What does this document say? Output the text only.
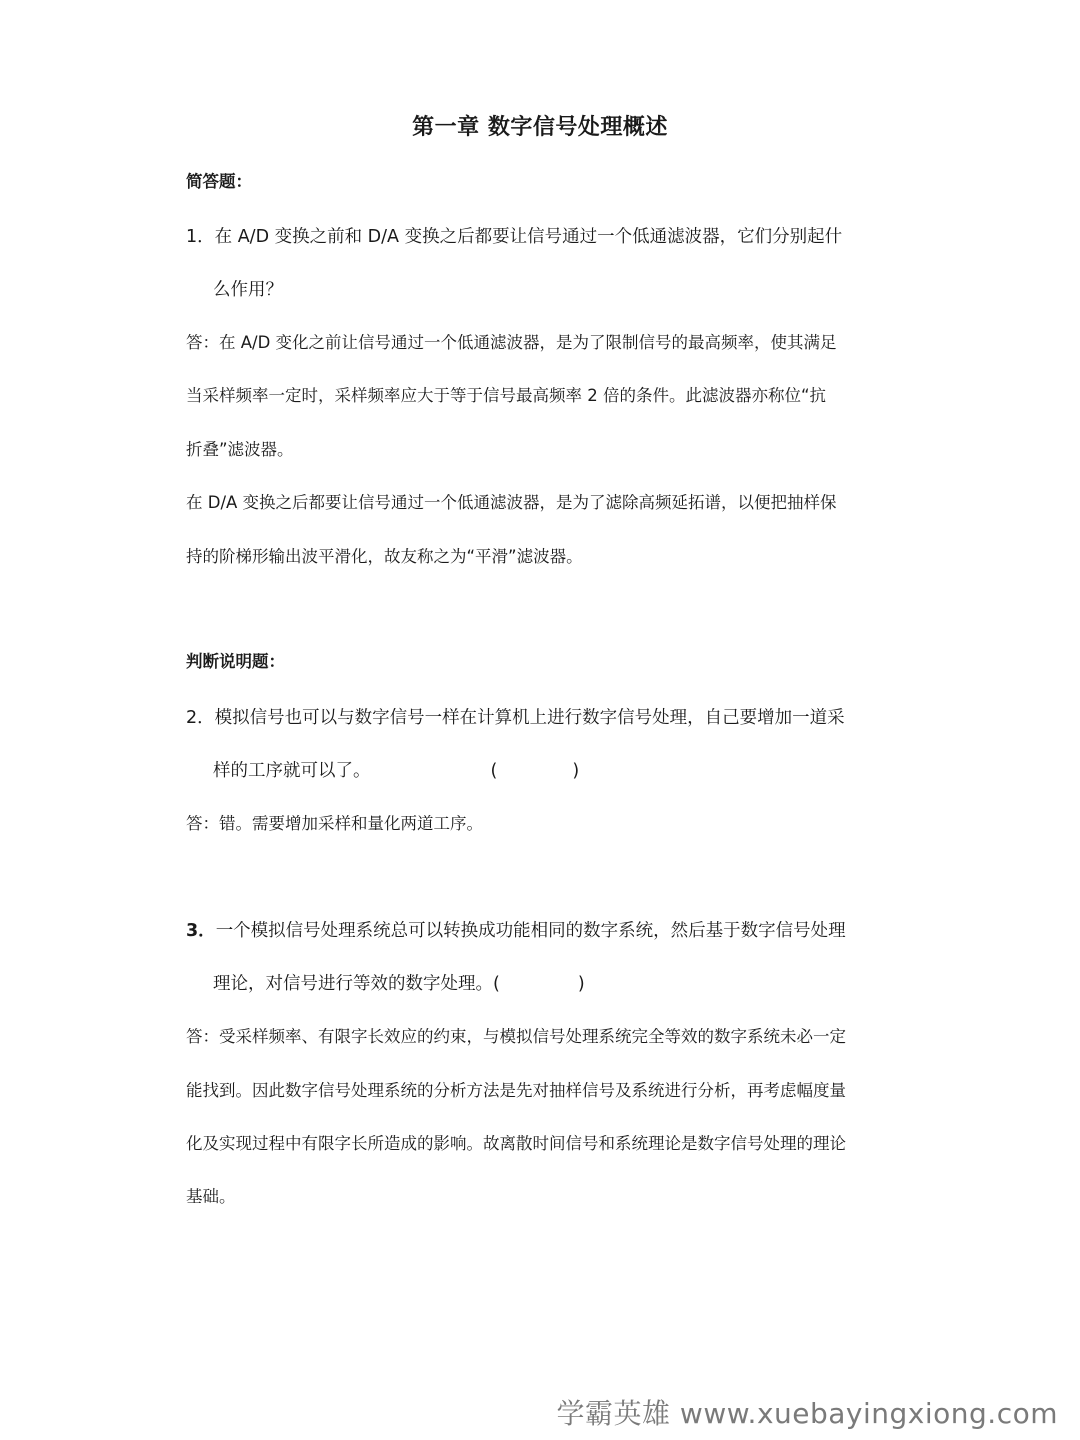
第一章 数字信号处理概述
简答题：
1．在 A/D 变换之前和 D/A 变换之后都要让信号通过一个低通滤波器，它们分别起什
么作用？
答：在 A/D 变化之前让信号通过一个低通滤波器，是为了限制信号的最高频率，使其满足
当采样频率一定时，采样频率应大于等于信号最高频率 2 倍的条件。此滤波器亦称位“抗
折叠”滤波器。
在 D/A 变换之后都要让信号通过一个低通滤波器，是为了滤除高频延拓谱，以便把抽样保
持的阶梯形输出波平滑化，故友称之为“平滑”滤波器。
判断说明题：
2．模拟信号也可以与数字信号一样在计算机上进行数字信号处理，自己要增加一道采
样的工序就可以了。	(	)
答：错。需要增加采样和量化两道工序。
3．一个模拟信号处理系统总可以转换成功能相同的数字系统，然后基于数字信号处理
理论，对信号进行等效的数字处理。(	)
答：受采样频率、有限字长效应的约束，与模拟信号处理系统完全等效的数字系统未必一定
能找到。因此数字信号处理系统的分析方法是先对抽样信号及系统进行分析，再考虑幅度量
化及实现过程中有限字长所造成的影响。故离散时间信号和系统理论是数字信号处理的理论
基础。
学霸英雄 www.xuebayingxiong.com
